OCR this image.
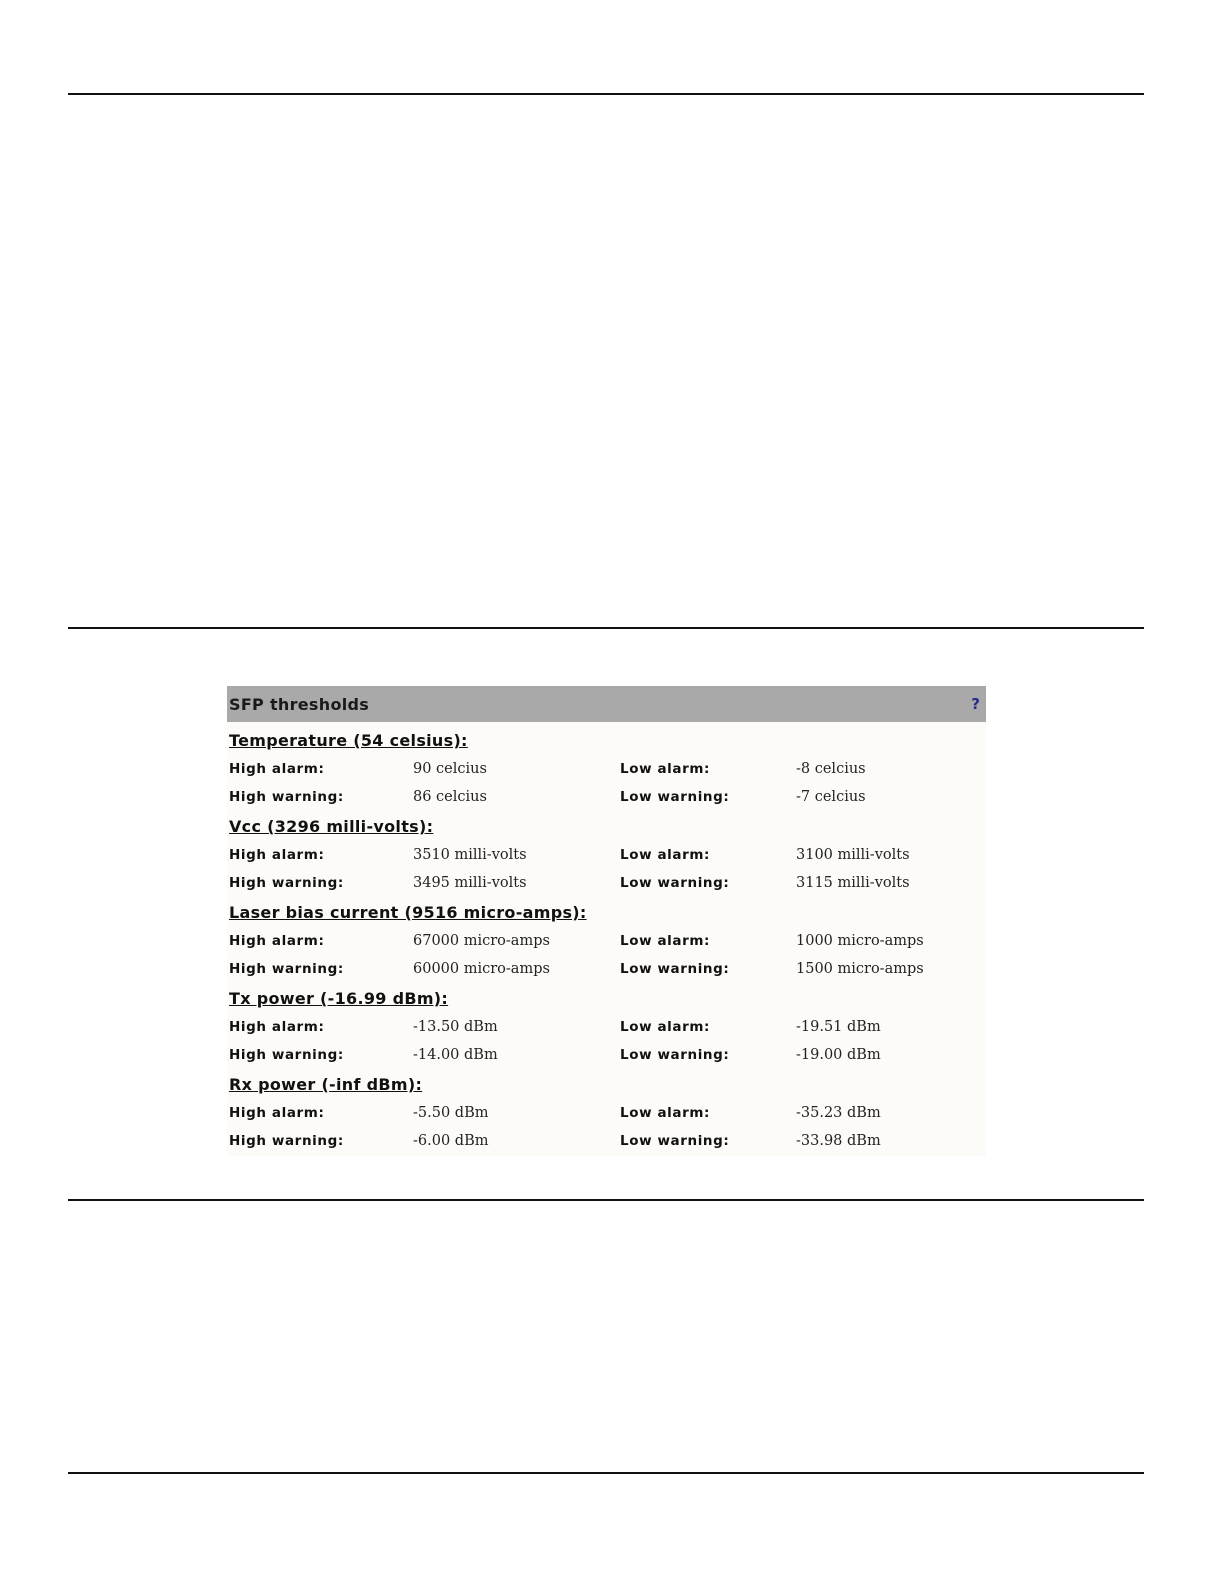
SFP thresholds	?
Temperature (54 celsius):
High alarm:	90 celcius	Low alarm:	-8 celcius
High warning:	86 celcius	Low warning:	-7 celcius
Vcc (3296 milli-volts):
High alarm:	3510 milli-volts	Low alarm:	3100 milli-volts
High warning:	3495 milli-volts	Low warning:	3115 milli-volts
Laser bias current (9516 micro-amps):
High alarm:	67000 micro-amps	Low alarm:	1000 micro-amps
High warning:	60000 micro-amps	Low warning:	1500 micro-amps
Tx power (-16.99 dBm):
High alarm:	-13.50 dBm	Low alarm:	-19.51 dBm
High warning:	-14.00 dBm	Low warning:	-19.00 dBm
Rx power (-inf dBm):
High alarm:	-5.50 dBm	Low alarm:	-35.23 dBm
High warning:	-6.00 dBm	Low warning:	-33.98 dBm
